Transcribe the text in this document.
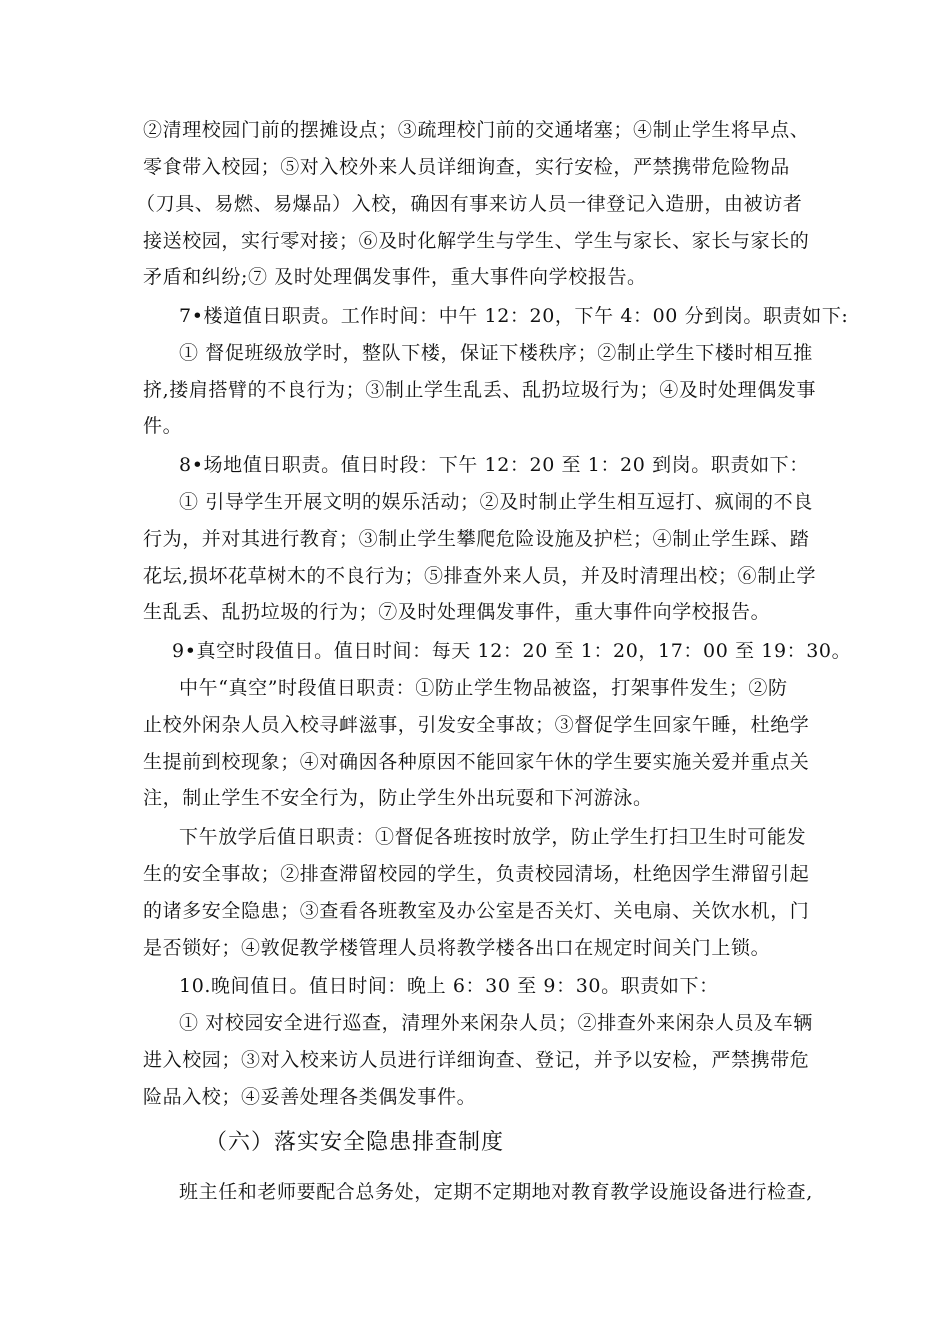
②清理校园门前的摆摊设点；③疏理校门前的交通堵塞；④制止学生将早点、
零食带入校园；⑤对入校外来人员详细询查，实行安检，严禁携带危险物品
（刀具、易燃、易爆品）入校，确因有事来访人员一律登记入造册，由被访者
接送校园，实行零对接；⑥及时化解学生与学生、学生与家长、家长与家长的
矛盾和纠纷;⑦ 及时处理偶发事件，重大事件向学校报告。
7•楼道值日职责。工作时间：中午 12：20，下午 4：00 分到岗。职责如下:
① 督促班级放学时，整队下楼，保证下楼秩序；②制止学生下楼时相互推
挤,搂肩搭臂的不良行为；③制止学生乱丢、乱扔垃圾行为；④及时处理偶发事
件。
8•场地值日职责。值日时段：下午 12：20 至 1：20 到岗。职责如下：
① 引导学生开展文明的娱乐活动；②及时制止学生相互逗打、疯闹的不良
行为，并对其进行教育；③制止学生攀爬危险设施及护栏；④制止学生踩、踏
花坛,损坏花草树木的不良行为；⑤排查外来人员，并及时清理出校；⑥制止学
生乱丢、乱扔垃圾的行为；⑦及时处理偶发事件，重大事件向学校报告。
9•真空时段值日。值日时间：每天 12：20 至 1：20，17：00 至 19：30。
中午“真空”时段值日职责：①防止学生物品被盗，打架事件发生；②防
止校外闲杂人员入校寻衅滋事，引发安全事故；③督促学生回家午睡，杜绝学
生提前到校现象；④对确因各种原因不能回家午休的学生要实施关爱并重点关
注，制止学生不安全行为，防止学生外出玩耍和下河游泳。
下午放学后值日职责：①督促各班按时放学，防止学生打扫卫生时可能发
生的安全事故；②排查滞留校园的学生，负责校园清场，杜绝因学生滞留引起
的诸多安全隐患；③查看各班教室及办公室是否关灯、关电扇、关饮水机，门
是否锁好；④敦促教学楼管理人员将教学楼各出口在规定时间关门上锁。
10.晚间值日。值日时间：晚上 6：30 至 9：30。职责如下：
① 对校园安全进行巡查，清理外来闲杂人员；②排查外来闲杂人员及车辆
进入校园；③对入校来访人员进行详细询查、登记，并予以安检，严禁携带危
险品入校；④妥善处理各类偶发事件。
（六）落实安全隐患排查制度
班主任和老师要配合总务处，定期不定期地对教育教学设施设备进行检查,
